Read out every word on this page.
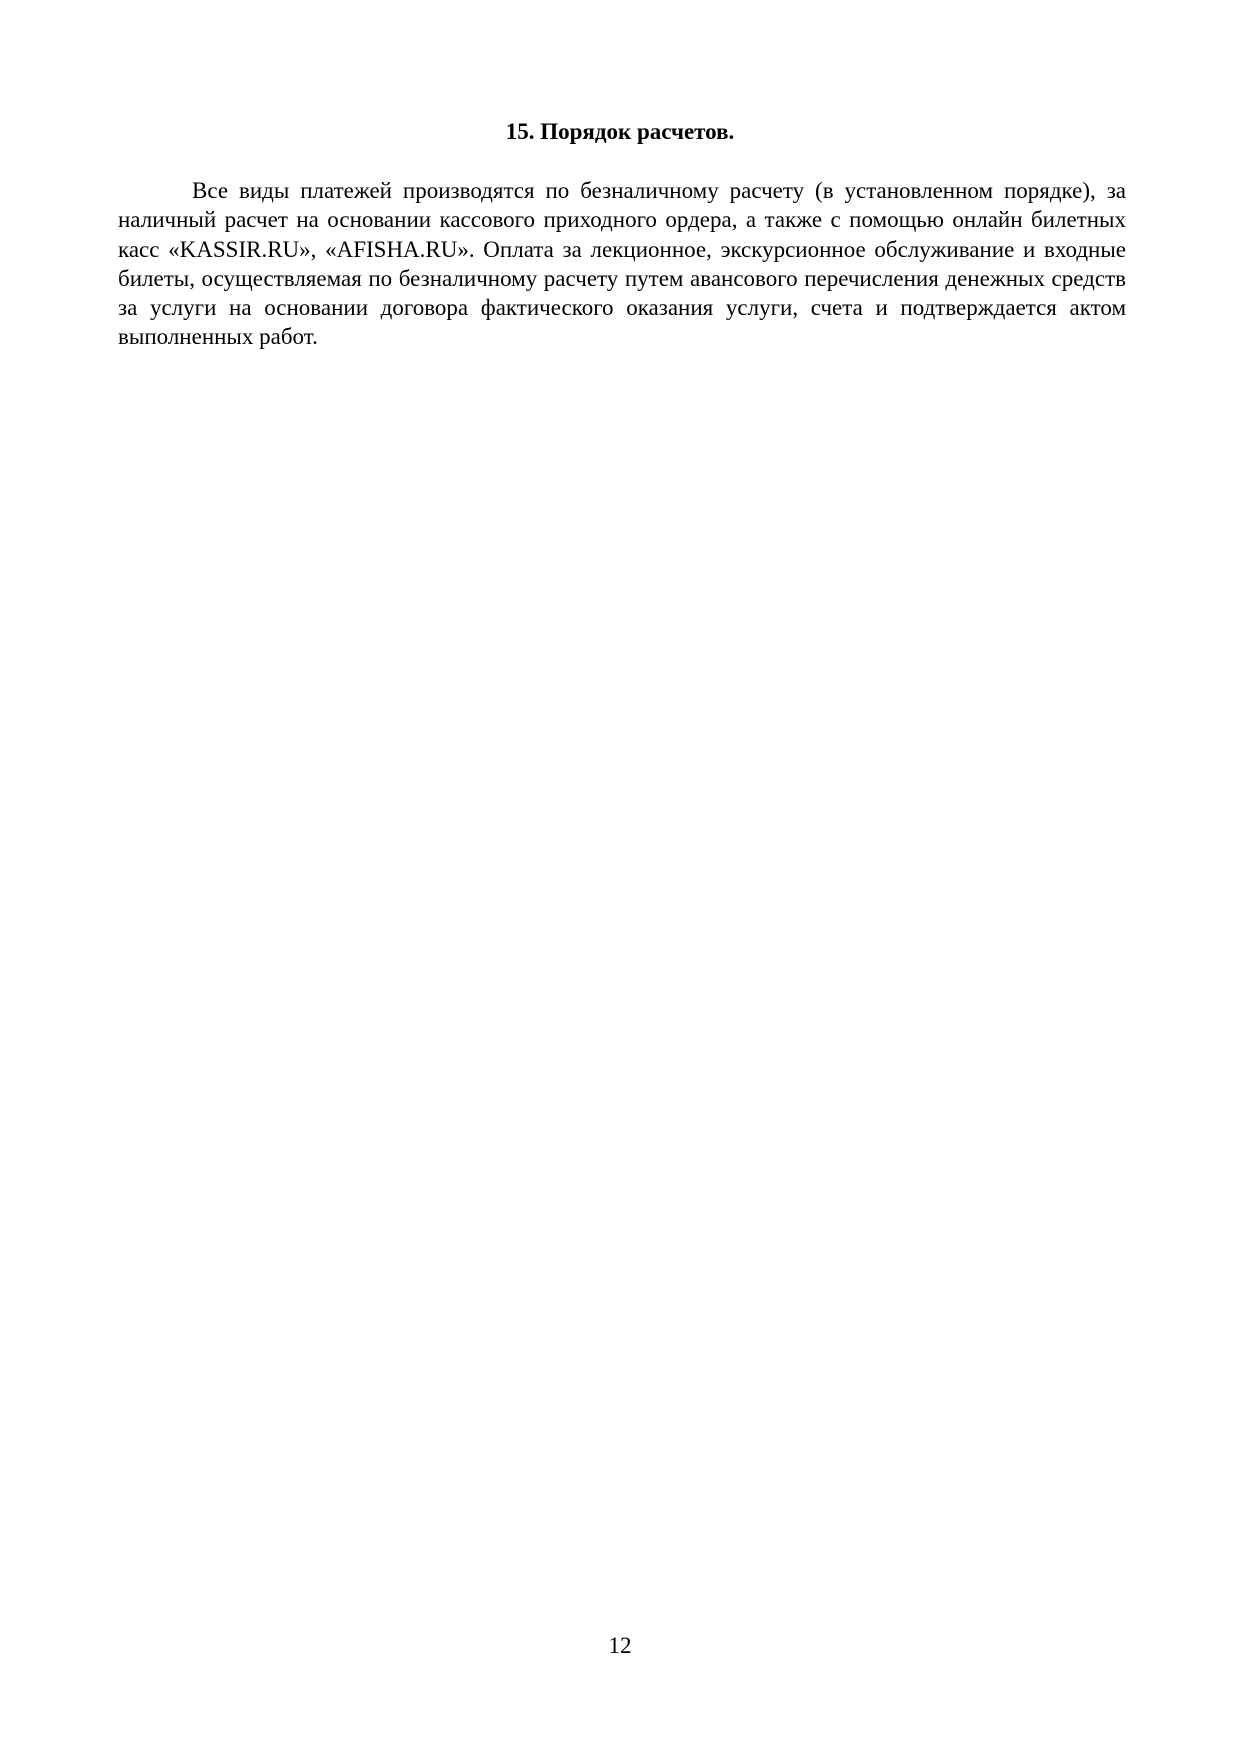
15. Порядок расчетов.

Все виды платежей производятся по безналичному расчету (в установленном порядке), за наличный расчет на основании кассового приходного ордера, а также с помощью онлайн билетных касс «KASSIR.RU», «AFISHA.RU». Оплата за лекционное, экскурсионное обслуживание и входные билеты, осуществляемая по безналичному расчету путем авансового перечисления денежных средств за услуги на основании договора фактического оказания услуги, счета и подтверждается актом выполненных работ.

12
